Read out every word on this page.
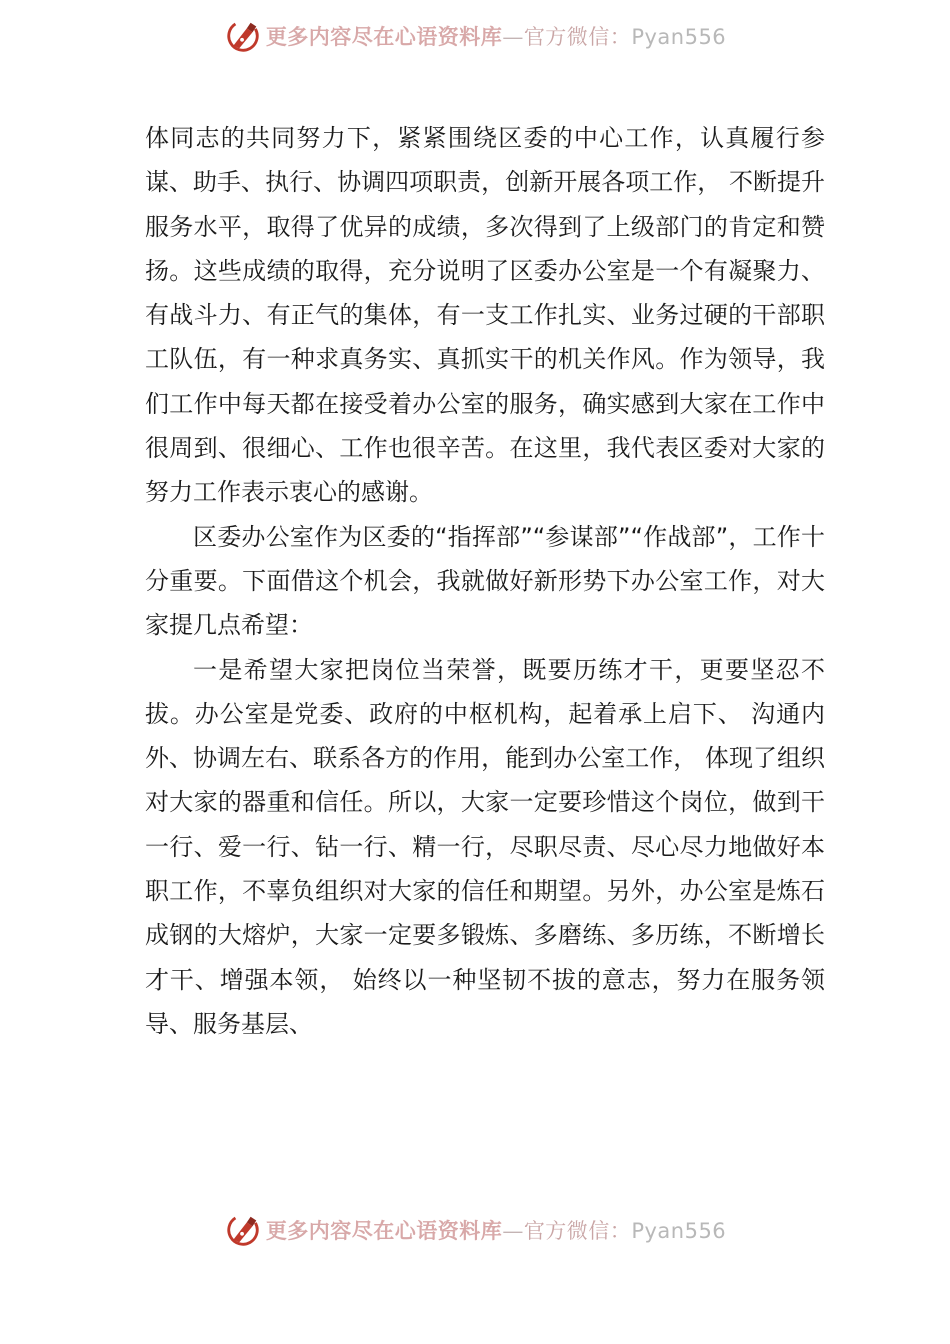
更多内容尽在心语资料库—官方微信：Pyan556

体同志的共同努力下，紧紧围绕区委的中心工作，认真履行参谋、助手、执行、协调四项职责，创新开展各项工作， 不断提升服务水平，取得了优异的成绩，多次得到了上级部门的肯定和赞扬。这些成绩的取得，充分说明了区委办公室是一个有凝聚力、有战斗力、有正气的集体，有一支工作扎实、业务过硬的干部职工队伍，有一种求真务实、真抓实干的机关作风。作为领导，我们工作中每天都在接受着办公室的服务，确实感到大家在工作中很周到、很细心、工作也很辛苦。在这里，我代表区委对大家的努力工作表示衷心的感谢。

区委办公室作为区委的“指挥部”“参谋部”“作战部”，工作十分重要。下面借这个机会，我就做好新形势下办公室工作，对大家提几点希望：

一是希望大家把岗位当荣誉，既要历练才干，更要坚忍不拔。办公室是党委、政府的中枢机构，起着承上启下、 沟通内外、协调左右、联系各方的作用，能到办公室工作， 体现了组织对大家的器重和信任。所以，大家一定要珍惜这个岗位，做到干一行、爱一行、钻一行、精一行，尽职尽责、尽心尽力地做好本职工作，不辜负组织对大家的信任和期望。另外，办公室是炼石成钢的大熔炉，大家一定要多锻炼、多磨练、多历练，不断增长才干、增强本领， 始终以一种坚韧不拔的意志，努力在服务领导、服务基层、

更多内容尽在心语资料库—官方微信：Pyan556
